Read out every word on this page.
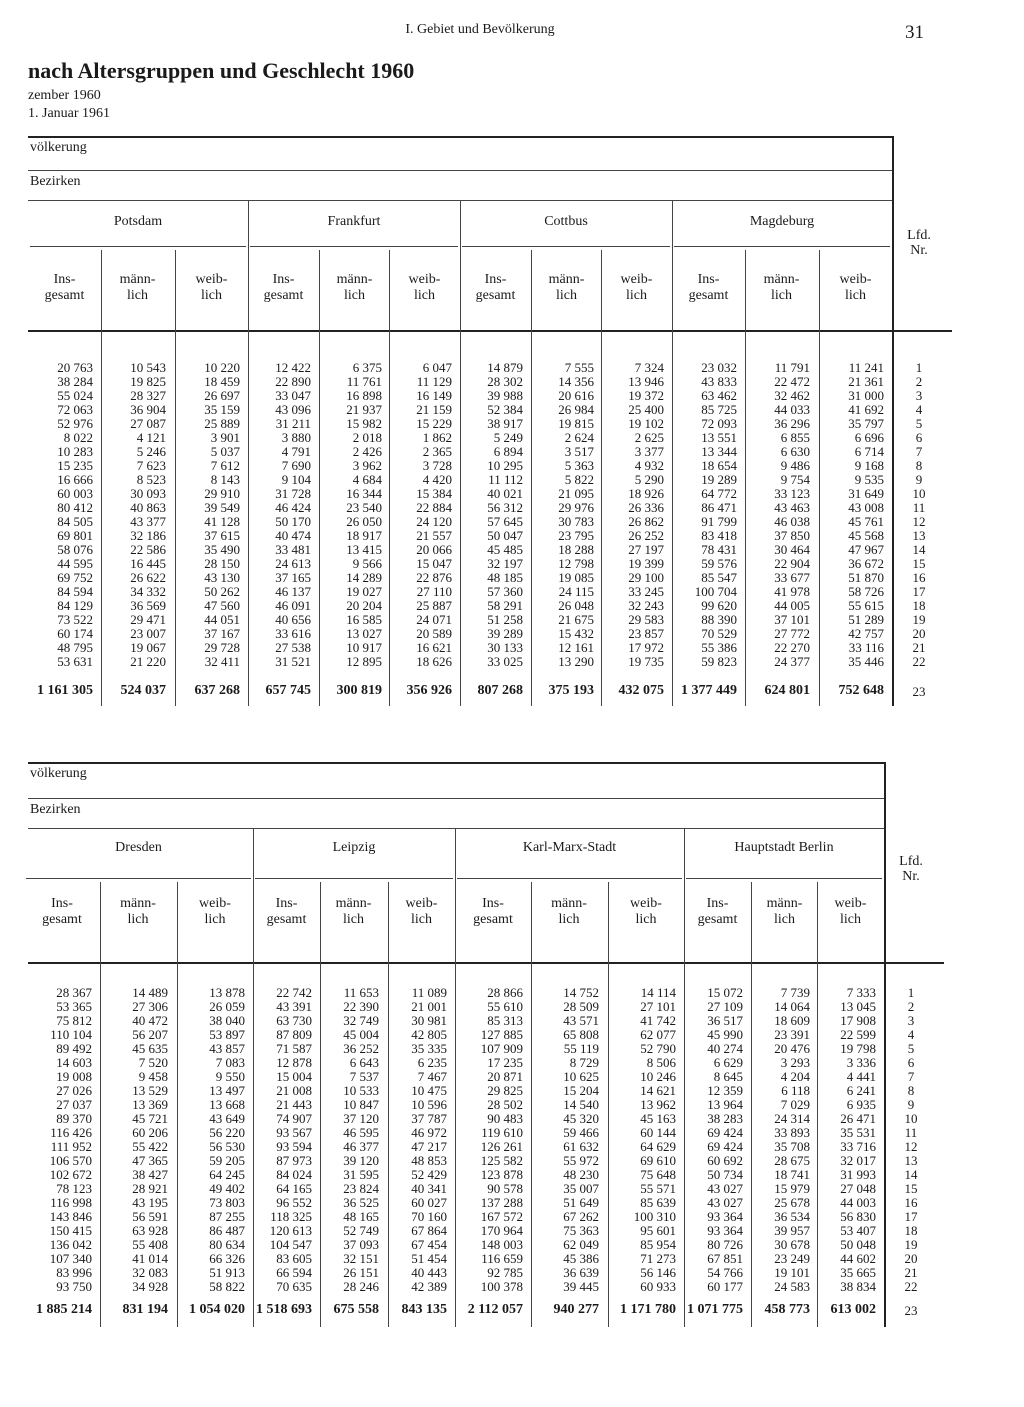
I. Gebiet und Bevölkerung	31
nach Altersgruppen und Geschlecht 1960
zember 1960
1. Januar 1961
völkerung
Bezirken
Lfd.
Nr.
Potsdam
Ins-
gesamt
20 763
38 284
55 024
72 063
52 976
8 022
10 283
15 235
16 666
60 003
80 412
84 505
69 801
58 076
44 595
69 752
84 594
84 129
73 522
60 174
48 795
53 631
1 161 305
männ-
lich
10 543
19 825
28 327
36 904
27 087
4 121
5 246
7 623
8 523
30 093
40 863
43 377
32 186
22 586
16 445
26 622
34 332
36 569
29 471
23 007
19 067
21 220
524 037
weib-
lich
10 220
18 459
26 697
35 159
25 889
3 901
5 037
7 612
8 143
29 910
39 549
41 128
37 615
35 490
28 150
43 130
50 262
47 560
44 051
37 167
29 728
32 411
637 268
Frankfurt
Ins-
gesamt
12 422
22 890
33 047
43 096
31 211
3 880
4 791
7 690
9 104
31 728
46 424
50 170
40 474
33 481
24 613
37 165
46 137
46 091
40 656
33 616
27 538
31 521
657 745
männ-
lich
6 375
11 761
16 898
21 937
15 982
2 018
2 426
3 962
4 684
16 344
23 540
26 050
18 917
13 415
9 566
14 289
19 027
20 204
16 585
13 027
10 917
12 895
300 819
weib-
lich
6 047
11 129
16 149
21 159
15 229
1 862
2 365
3 728
4 420
15 384
22 884
24 120
21 557
20 066
15 047
22 876
27 110
25 887
24 071
20 589
16 621
18 626
356 926
Cottbus
Ins-
gesamt
14 879
28 302
39 988
52 384
38 917
5 249
6 894
10 295
11 112
40 021
56 312
57 645
50 047
45 485
32 197
48 185
57 360
58 291
51 258
39 289
30 133
33 025
807 268
männ-
lich
7 555
14 356
20 616
26 984
19 815
2 624
3 517
5 363
5 822
21 095
29 976
30 783
23 795
18 288
12 798
19 085
24 115
26 048
21 675
15 432
12 161
13 290
375 193
weib-
lich
7 324
13 946
19 372
25 400
19 102
2 625
3 377
4 932
5 290
18 926
26 336
26 862
26 252
27 197
19 399
29 100
33 245
32 243
29 583
23 857
17 972
19 735
432 075
Magdeburg
Ins-
gesamt
23 032
43 833
63 462
85 725
72 093
13 551
13 344
18 654
19 289
64 772
86 471
91 799
83 418
78 431
59 576
85 547
100 704
99 620
88 390
70 529
55 386
59 823
1 377 449
männ-
lich
11 791
22 472
32 462
44 033
36 296
6 855
6 630
9 486
9 754
33 123
43 463
46 038
37 850
30 464
22 904
33 677
41 978
44 005
37 101
27 772
22 270
24 377
624 801
weib-
lich
11 241
21 361
31 000
41 692
35 797
6 696
6 714
9 168
9 535
31 649
43 008
45 761
45 568
47 967
36 672
51 870
58 726
55 615
51 289
42 757
33 116
35 446
752 648
1
2
3
4
5
6
7
8
9
10
11
12
13
14
15
16
17
18
19
20
21
22
23
völkerung
Bezirken
Lfd.
Nr.
Dresden
Ins-
gesamt
28 367
53 365
75 812
110 104
89 492
14 603
19 008
27 026
27 037
89 370
116 426
111 952
106 570
102 672
78 123
116 998
143 846
150 415
136 042
107 340
83 996
93 750
1 885 214
männ-
lich
14 489
27 306
40 472
56 207
45 635
7 520
9 458
13 529
13 369
45 721
60 206
55 422
47 365
38 427
28 921
43 195
56 591
63 928
55 408
41 014
32 083
34 928
831 194
weib-
lich
13 878
26 059
38 040
53 897
43 857
7 083
9 550
13 497
13 668
43 649
56 220
56 530
59 205
64 245
49 402
73 803
87 255
86 487
80 634
66 326
51 913
58 822
1 054 020
Leipzig
Ins-
gesamt
22 742
43 391
63 730
87 809
71 587
12 878
15 004
21 008
21 443
74 907
93 567
93 594
87 973
84 024
64 165
96 552
118 325
120 613
104 547
83 605
66 594
70 635
1 518 693
männ-
lich
11 653
22 390
32 749
45 004
36 252
6 643
7 537
10 533
10 847
37 120
46 595
46 377
39 120
31 595
23 824
36 525
48 165
52 749
37 093
32 151
26 151
28 246
675 558
weib-
lich
11 089
21 001
30 981
42 805
35 335
6 235
7 467
10 475
10 596
37 787
46 972
47 217
48 853
52 429
40 341
60 027
70 160
67 864
67 454
51 454
40 443
42 389
843 135
Karl-Marx-Stadt
Ins-
gesamt
28 866
55 610
85 313
127 885
107 909
17 235
20 871
29 825
28 502
90 483
119 610
126 261
125 582
123 878
90 578
137 288
167 572
170 964
148 003
116 659
92 785
100 378
2 112 057
männ-
lich
14 752
28 509
43 571
65 808
55 119
8 729
10 625
15 204
14 540
45 320
59 466
61 632
55 972
48 230
35 007
51 649
67 262
75 363
62 049
45 386
36 639
39 445
940 277
weib-
lich
14 114
27 101
41 742
62 077
52 790
8 506
10 246
14 621
13 962
45 163
60 144
64 629
69 610
75 648
55 571
85 639
100 310
95 601
85 954
71 273
56 146
60 933
1 171 780
Hauptstadt Berlin
Ins-
gesamt
15 072
27 109
36 517
45 990
40 274
6 629
8 645
12 359
13 964
38 283
69 424
69 424
60 692
50 734
43 027
43 027
93 364
93 364
80 726
67 851
54 766
60 177
1 071 775
männ-
lich
7 739
14 064
18 609
23 391
20 476
3 293
4 204
6 118
7 029
24 314
33 893
35 708
28 675
18 741
15 979
25 678
36 534
39 957
30 678
23 249
19 101
24 583
458 773
weib-
lich
7 333
13 045
17 908
22 599
19 798
3 336
4 441
6 241
6 935
26 471
35 531
33 716
32 017
31 993
27 048
44 003
56 830
53 407
50 048
44 602
35 665
38 834
613 002
1
2
3
4
5
6
7
8
9
10
11
12
13
14
15
16
17
18
19
20
21
22
23
